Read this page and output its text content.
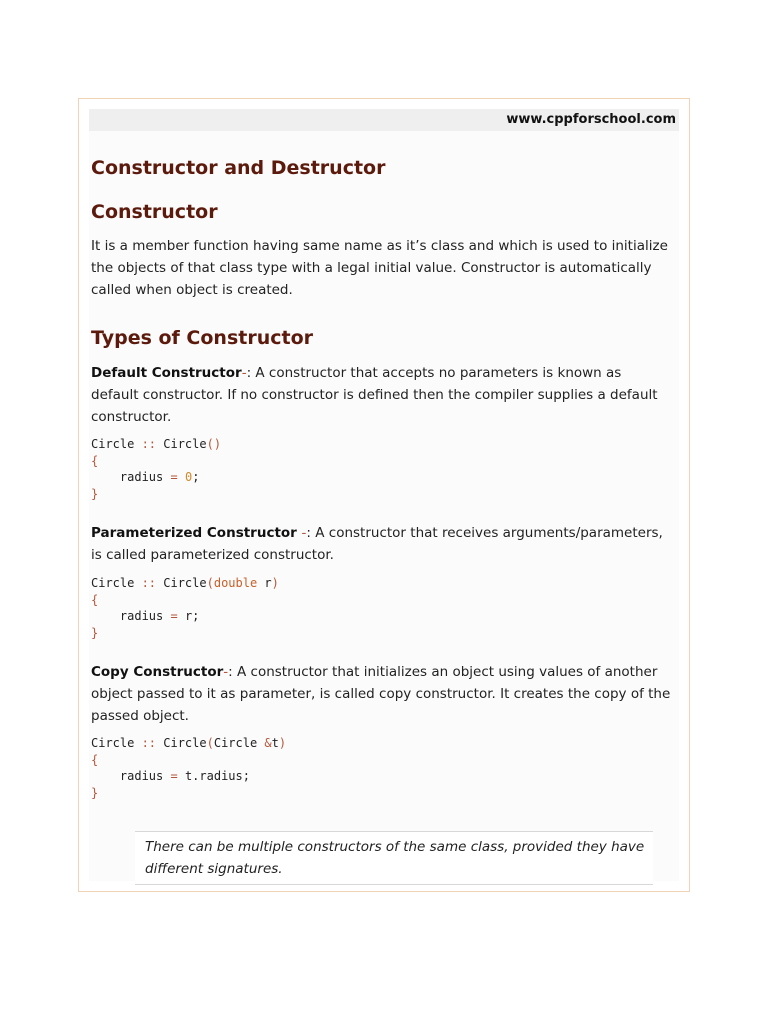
www.cppforschool.com
Constructor and Destructor
Constructor

It is a member function having same name as it’s class and which is used to initialize the objects of that class type with a legal initial value. Constructor is automatically called when object is created.

Types of Constructor

Default Constructor-: A constructor that accepts no parameters is known as default constructor. If no constructor is defined then the compiler supplies a default constructor.

Circle :: Circle()
{
radius = 0;
}

Parameterized Constructor -: A constructor that receives arguments/parameters, is called parameterized constructor.

Circle :: Circle(double r)
{
radius = r;
}

Copy Constructor-: A constructor that initializes an object using values of another object passed to it as parameter, is called copy constructor. It creates the copy of the passed object.

Circle :: Circle(Circle &t)
{
radius = t.radius;
}
There can be multiple constructors of the same class, provided they have different signatures.
